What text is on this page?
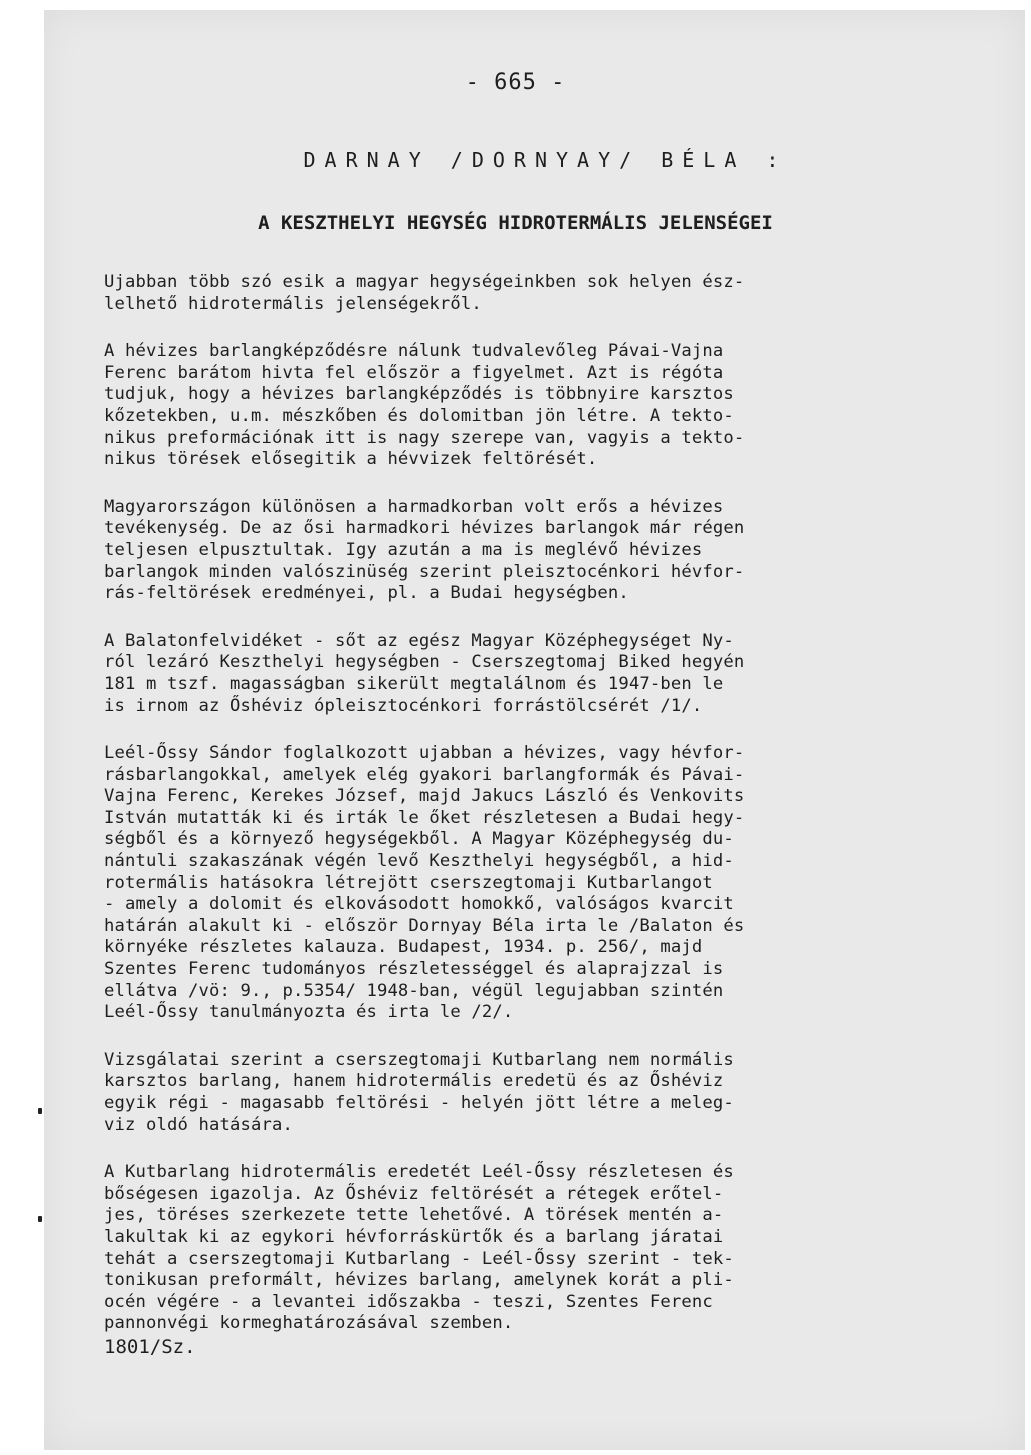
- 665 -
DARNAY /DORNYAY/ BÉLA :
A KESZTHELYI HEGYSÉG HIDROTERMÁLIS JELENSÉGEI

Ujabban több szó esik a magyar hegységeinkben sok helyen ész-
lelhető hidrotermális jelenségekről.

A hévizes barlangképződésre nálunk tudvalevőleg Pávai-Vajna
Ferenc barátom hivta fel először a figyelmet. Azt is régóta
tudjuk, hogy a hévizes barlangképződés is többnyire karsztos
kőzetekben, u.m. mészkőben és dolomitban jön létre. A tekto-
nikus preformációnak itt is nagy szerepe van, vagyis a tekto-
nikus törések elősegitik a hévvizek feltörését.

Magyarországon különösen a harmadkorban volt erős a hévizes
tevékenység. De az ősi harmadkori hévizes barlangok már régen
teljesen elpusztultak. Igy azután a ma is meglévő hévizes
barlangok minden valószinüség szerint pleisztocénkori hévfor-
rás-feltörések eredményei, pl. a Budai hegységben.

A Balatonfelvidéket - sőt az egész Magyar Középhegységet Ny-
ról lezáró Keszthelyi hegységben - Cserszegtomaj Biked hegyén
181 m tszf. magasságban sikerült megtalálnom és 1947-ben le
is irnom az Őshéviz ópleisztocénkori forrástölcsérét /1/.

Leél-Őssy Sándor foglalkozott ujabban a hévizes, vagy hévfor-
rásbarlangokkal, amelyek elég gyakori barlangformák és Pávai-
Vajna Ferenc, Kerekes József, majd Jakucs László és Venkovits
István mutatták ki és irták le őket részletesen a Budai hegy-
ségből és a környező hegységekből. A Magyar Középhegység du-
nántuli szakaszának végén levő Keszthelyi hegységből, a hid-
rotermális hatásokra létrejött cserszegtomaji Kutbarlangot
- amely a dolomit és elkovásodott homokkő, valóságos kvarcit
határán alakult ki - először Dornyay Béla irta le /Balaton és
környéke részletes kalauza. Budapest, 1934. p. 256/, majd
Szentes Ferenc tudományos részletességgel és alaprajzzal is
ellátva /vö: 9., p.5354/ 1948-ban, végül legujabban szintén
Leél-Őssy tanulmányozta és irta le /2/.

Vizsgálatai szerint a cserszegtomaji Kutbarlang nem normális
karsztos barlang, hanem hidrotermális eredetü és az Őshéviz
egyik régi - magasabb feltörési - helyén jött létre a meleg-
viz oldó hatására.

A Kutbarlang hidrotermális eredetét Leél-Őssy részletesen és
bőségesen igazolja. Az Őshéviz feltörését a rétegek erőtel-
jes, töréses szerkezete tette lehetővé. A törések mentén a-
lakultak ki az egykori hévforráskürtők és a barlang járatai
tehát a cserszegtomaji Kutbarlang - Leél-Őssy szerint - tek-
tonikusan preformált, hévizes barlang, amelynek korát a pli-
océn végére - a levantei időszakba - teszi, Szentes Ferenc
pannonvégi kormeghatározásával szemben.

1801/Sz.
